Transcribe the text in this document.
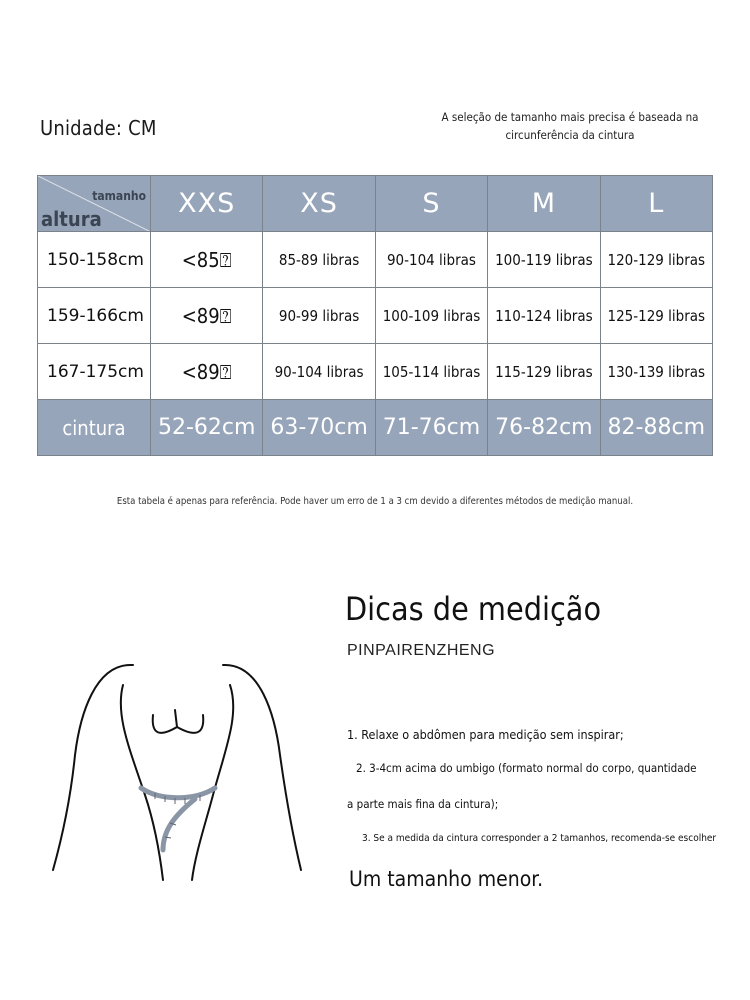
Unidade: CM	A seleção de tamanho mais precisa é baseada na circunferência da cintura
tamanho
altura	XXS	XS	S	M	L
150-158cm	<85⍰	85-89 libras	90-104 libras	100-119 libras	120-129 libras
159-166cm	<89⍰	90-99 libras	100-109 libras	110-124 libras	125-129 libras
167-175cm	<89⍰	90-104 libras	105-114 libras	115-129 libras	130-139 libras
cintura	52-62cm	63-70cm	71-76cm	76-82cm	82-88cm
Esta tabela é apenas para referência. Pode haver um erro de 1 a 3 cm devido a diferentes métodos de medição manual.
Dicas de medição
PINPAIRENZHENG
1. Relaxe o abdômen para medição sem inspirar;
2. 3-4cm acima do umbigo (formato normal do corpo, quantidade
a parte mais fina da cintura);
3. Se a medida da cintura corresponder a 2 tamanhos, recomenda-se escolher
Um tamanho menor.
